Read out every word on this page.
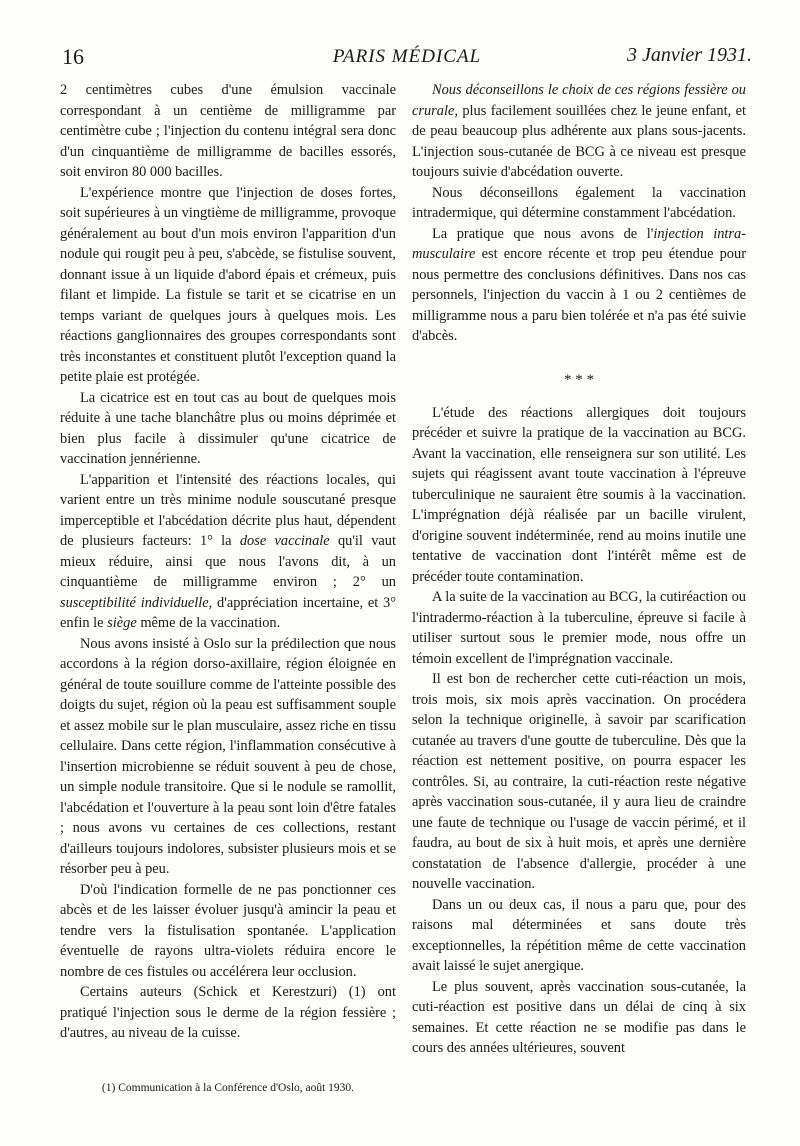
16	PARIS MÉDICAL	3 Janvier 1931.

2 centimètres cubes d'une émulsion vaccinale correspondant à un centième de milligramme par centimètre cube ; l'injection du contenu intégral sera donc d'un cinquantième de milligramme de bacilles essorés, soit environ 80 000 bacilles.

L'expérience montre que l'injection de doses fortes, soit supérieures à un vingtième de milligramme, provoque généralement au bout d'un mois environ l'apparition d'un nodule qui rougit peu à peu, s'abcède, se fistulise souvent, donnant issue à un liquide d'abord épais et crémeux, puis filant et limpide. La fistule se tarit et se cicatrise en un temps variant de quelques jours à quelques mois. Les réactions ganglionnaires des groupes correspondants sont très inconstantes et constituent plutôt l'exception quand la petite plaie est protégée.

La cicatrice est en tout cas au bout de quelques mois réduite à une tache blanchâtre plus ou moins déprimée et bien plus facile à dissimuler qu'une cicatrice de vaccination jennérienne.

L'apparition et l'intensité des réactions locales, qui varient entre un très minime nodule souscutané presque imperceptible et l'abcédation décrite plus haut, dépendent de plusieurs facteurs: 1° la dose vaccinale qu'il vaut mieux réduire, ainsi que nous l'avons dit, à un cinquantième de milligramme environ ; 2° un susceptibilité individuelle, d'appréciation incertaine, et 3° enfin le siège même de la vaccination.

Nous avons insisté à Oslo sur la prédilection que nous accordons à la région dorso-axillaire, région éloignée en général de toute souillure comme de l'atteinte possible des doigts du sujet, région où la peau est suffisamment souple et assez mobile sur le plan musculaire, assez riche en tissu cellulaire. Dans cette région, l'inflammation consécutive à l'insertion microbienne se réduit souvent à peu de chose, un simple nodule transitoire. Que si le nodule se ramollit, l'abcédation et l'ouverture à la peau sont loin d'être fatales ; nous avons vu certaines de ces collections, restant d'ailleurs toujours indolores, subsister plusieurs mois et se résorber peu à peu.

D'où l'indication formelle de ne pas ponctionner ces abcès et de les laisser évoluer jusqu'à amincir la peau et tendre vers la fistulisation spontanée. L'application éventuelle de rayons ultra-violets réduira encore le nombre de ces fistules ou accélérera leur occlusion.

Certains auteurs (Schick et Kerestzuri) (1) ont pratiqué l'injection sous le derme de la région fessière ; d'autres, au niveau de la cuisse.

Nous déconseillons le choix de ces régions fessière ou crurale, plus facilement souillées chez le jeune enfant, et de peau beaucoup plus adhérente aux plans sous-jacents. L'injection sous-cutanée de BCG à ce niveau est presque toujours suivie d'abcédation ouverte.

Nous déconseillons également la vaccination intradermique, qui détermine constamment l'abcédation.

La pratique que nous avons de l'injection intra-musculaire est encore récente et trop peu étendue pour nous permettre des conclusions définitives. Dans nos cas personnels, l'injection du vaccin à 1 ou 2 centièmes de milligramme nous a paru bien tolérée et n'a pas été suivie d'abcès.

* * *

L'étude des réactions allergiques doit toujours précéder et suivre la pratique de la vaccination au BCG. Avant la vaccination, elle renseignera sur son utilité. Les sujets qui réagissent avant toute vaccination à l'épreuve tuberculinique ne sauraient être soumis à la vaccination. L'imprégnation déjà réalisée par un bacille virulent, d'origine souvent indéterminée, rend au moins inutile une tentative de vaccination dont l'intérêt même est de précéder toute contamination.

A la suite de la vaccination au BCG, la cutiréaction ou l'intradermo-réaction à la tuberculine, épreuve si facile à utiliser surtout sous le premier mode, nous offre un témoin excellent de l'imprégnation vaccinale.

Il est bon de rechercher cette cuti-réaction un mois, trois mois, six mois après vaccination. On procédera selon la technique originelle, à savoir par scarification cutanée au travers d'une goutte de tuberculine. Dès que la réaction est nettement positive, on pourra espacer les contrôles. Si, au contraire, la cuti-réaction reste négative après vaccination sous-cutanée, il y aura lieu de craindre une faute de technique ou l'usage de vaccin périmé, et il faudra, au bout de six à huit mois, et après une dernière constatation de l'absence d'allergie, procéder à une nouvelle vaccination.

Dans un ou deux cas, il nous a paru que, pour des raisons mal déterminées et sans doute très exceptionnelles, la répétition même de cette vaccination avait laissé le sujet anergique.

Le plus souvent, après vaccination sous-cutanée, la cuti-réaction est positive dans un délai de cinq à six semaines. Et cette réaction ne se modifie pas dans le cours des années ultérieures, souvent

(1) Communication à la Conférence d'Oslo, août 1930.
